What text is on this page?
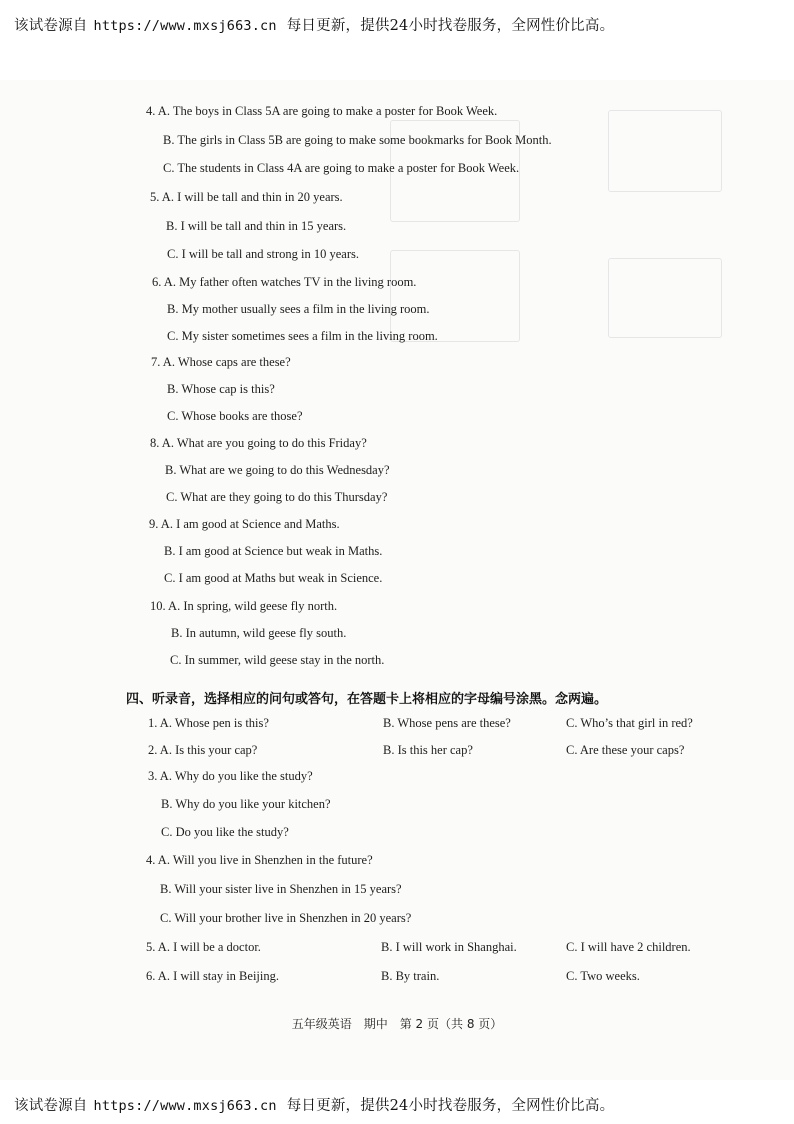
该试卷源自 https://www.mxsj663.cn 每日更新，提供24小时找卷服务，全网性价比高。
4. A. The boys in Class 5A are going to make a poster for Book Week.
B. The girls in Class 5B are going to make some bookmarks for Book Month.
C. The students in Class 4A are going to make a poster for Book Week.
5. A. I will be tall and thin in 20 years.
B. I will be tall and thin in 15 years.
C. I will be tall and strong in 10 years.
6. A. My father often watches TV in the living room.
B. My mother usually sees a film in the living room.
C. My sister sometimes sees a film in the living room.
7. A. Whose caps are these?
B. Whose cap is this?
C. Whose books are those?
8. A. What are you going to do this Friday?
B. What are we going to do this Wednesday?
C. What are they going to do this Thursday?
9. A. I am good at Science and Maths.
B. I am good at Science but weak in Maths.
C. I am good at Maths but weak in Science.
10. A. In spring, wild geese fly north.
B. In autumn, wild geese fly south.
C. In summer, wild geese stay in the north.
四、听录音，选择相应的问句或答句，在答题卡上将相应的字母编号涂黑。念两遍。
1. A. Whose pen is this?	B. Whose pens are these?	C. Who’s that girl in red?
2. A. Is this your cap?	B. Is this her cap?	C. Are these your caps?
3. A. Why do you like the study?
B. Why do you like your kitchen?
C. Do you like the study?
4. A. Will you live in Shenzhen in the future?
B. Will your sister live in Shenzhen in 15 years?
C. Will your brother live in Shenzhen in 20 years?
5. A. I will be a doctor.	B. I will work in Shanghai.	C. I will have 2 children.
6. A. I will stay in Beijing.	B. By train.	C. Two weeks.
五年级英语　期中　第 2 页（共 8 页）
该试卷源自 https://www.mxsj663.cn 每日更新，提供24小时找卷服务，全网性价比高。
